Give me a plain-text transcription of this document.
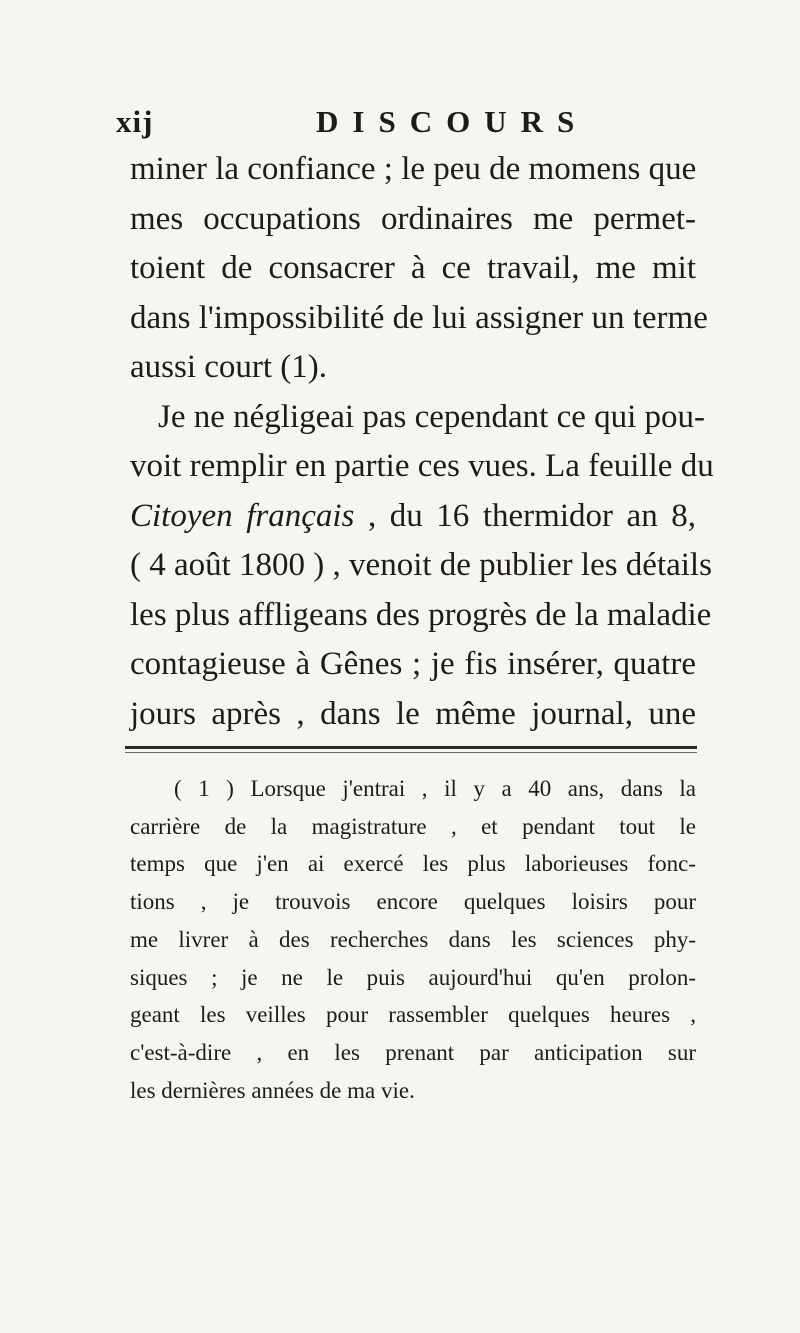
xij	DISCOURS
miner la confiance ; le peu de momens que
mes occupations ordinaires me permet-
toient de consacrer à ce travail, me mit
dans l'impossibilité de lui assigner un terme
aussi court (1).
Je ne négligeai pas cependant ce qui pou-
voit remplir en partie ces vues. La feuille du
Citoyen français , du 16 thermidor an 8,
( 4 août 1800 ) , venoit de publier les détails
les plus affligeans des progrès de la maladie
contagieuse à Gênes ; je fis insérer, quatre
jours après , dans le même journal, une
( 1 ) Lorsque j'entrai , il y a 40 ans, dans la
carrière de la magistrature , et pendant tout le
temps que j'en ai exercé les plus laborieuses fonc-
tions , je trouvois encore quelques loisirs pour
me livrer à des recherches dans les sciences phy-
siques ; je ne le puis aujourd'hui qu'en prolon-
geant les veilles pour rassembler quelques heures ,
c'est-à-dire , en les prenant par anticipation sur
les dernières années de ma vie.
